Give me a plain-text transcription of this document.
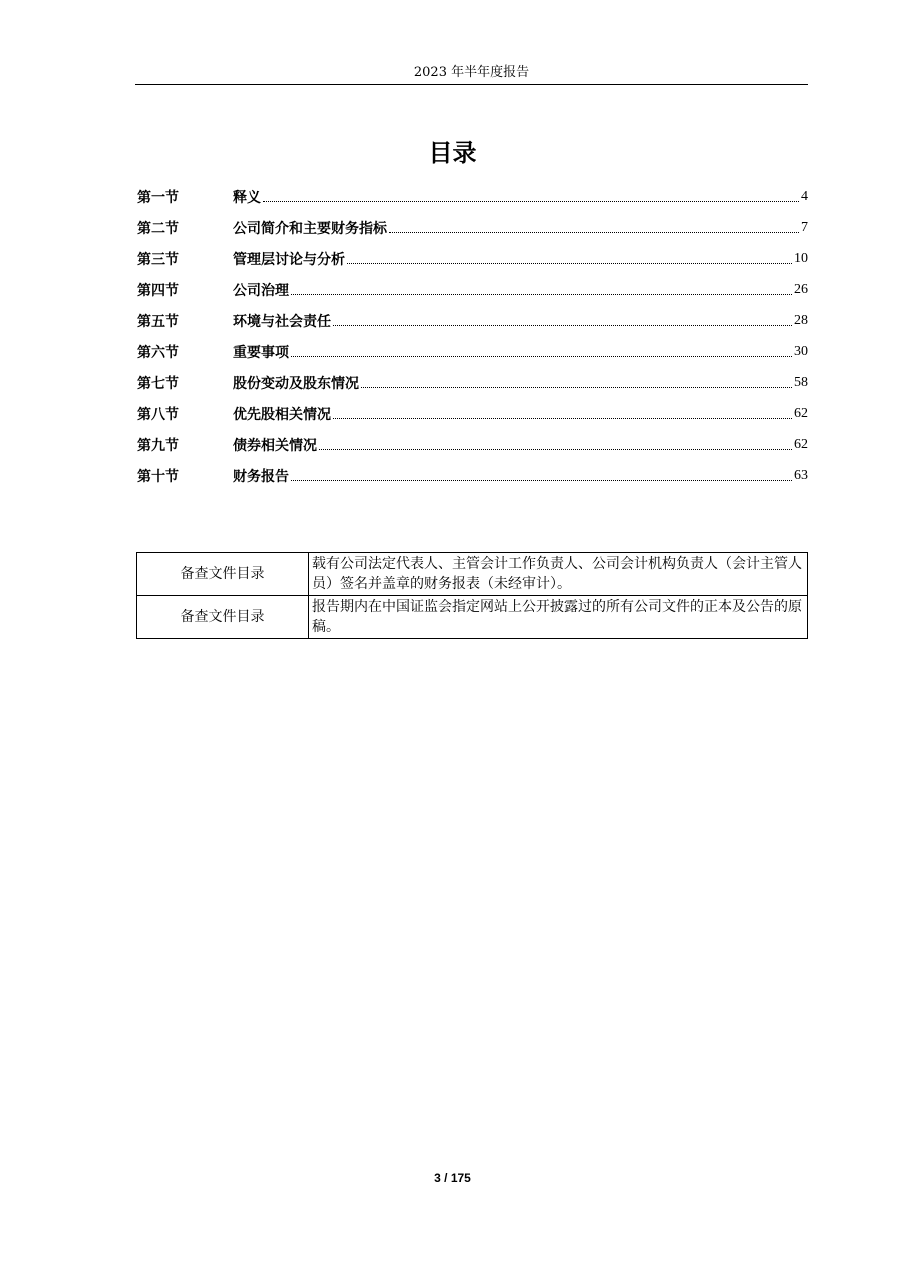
2023 年半年度报告
目录
第一节	释义	4
第二节	公司简介和主要财务指标	7
第三节	管理层讨论与分析	10
第四节	公司治理	26
第五节	环境与社会责任	28
第六节	重要事项	30
第七节	股份变动及股东情况	58
第八节	优先股相关情况	62
第九节	债券相关情况	62
第十节	财务报告	63
备查文件目录	载有公司法定代表人、主管会计工作负责人、公司会计机构负责人（会计主管人员）签名并盖章的财务报表（未经审计）。
备查文件目录	报告期内在中国证监会指定网站上公开披露过的所有公司文件的正本及公告的原稿。
3 / 175
